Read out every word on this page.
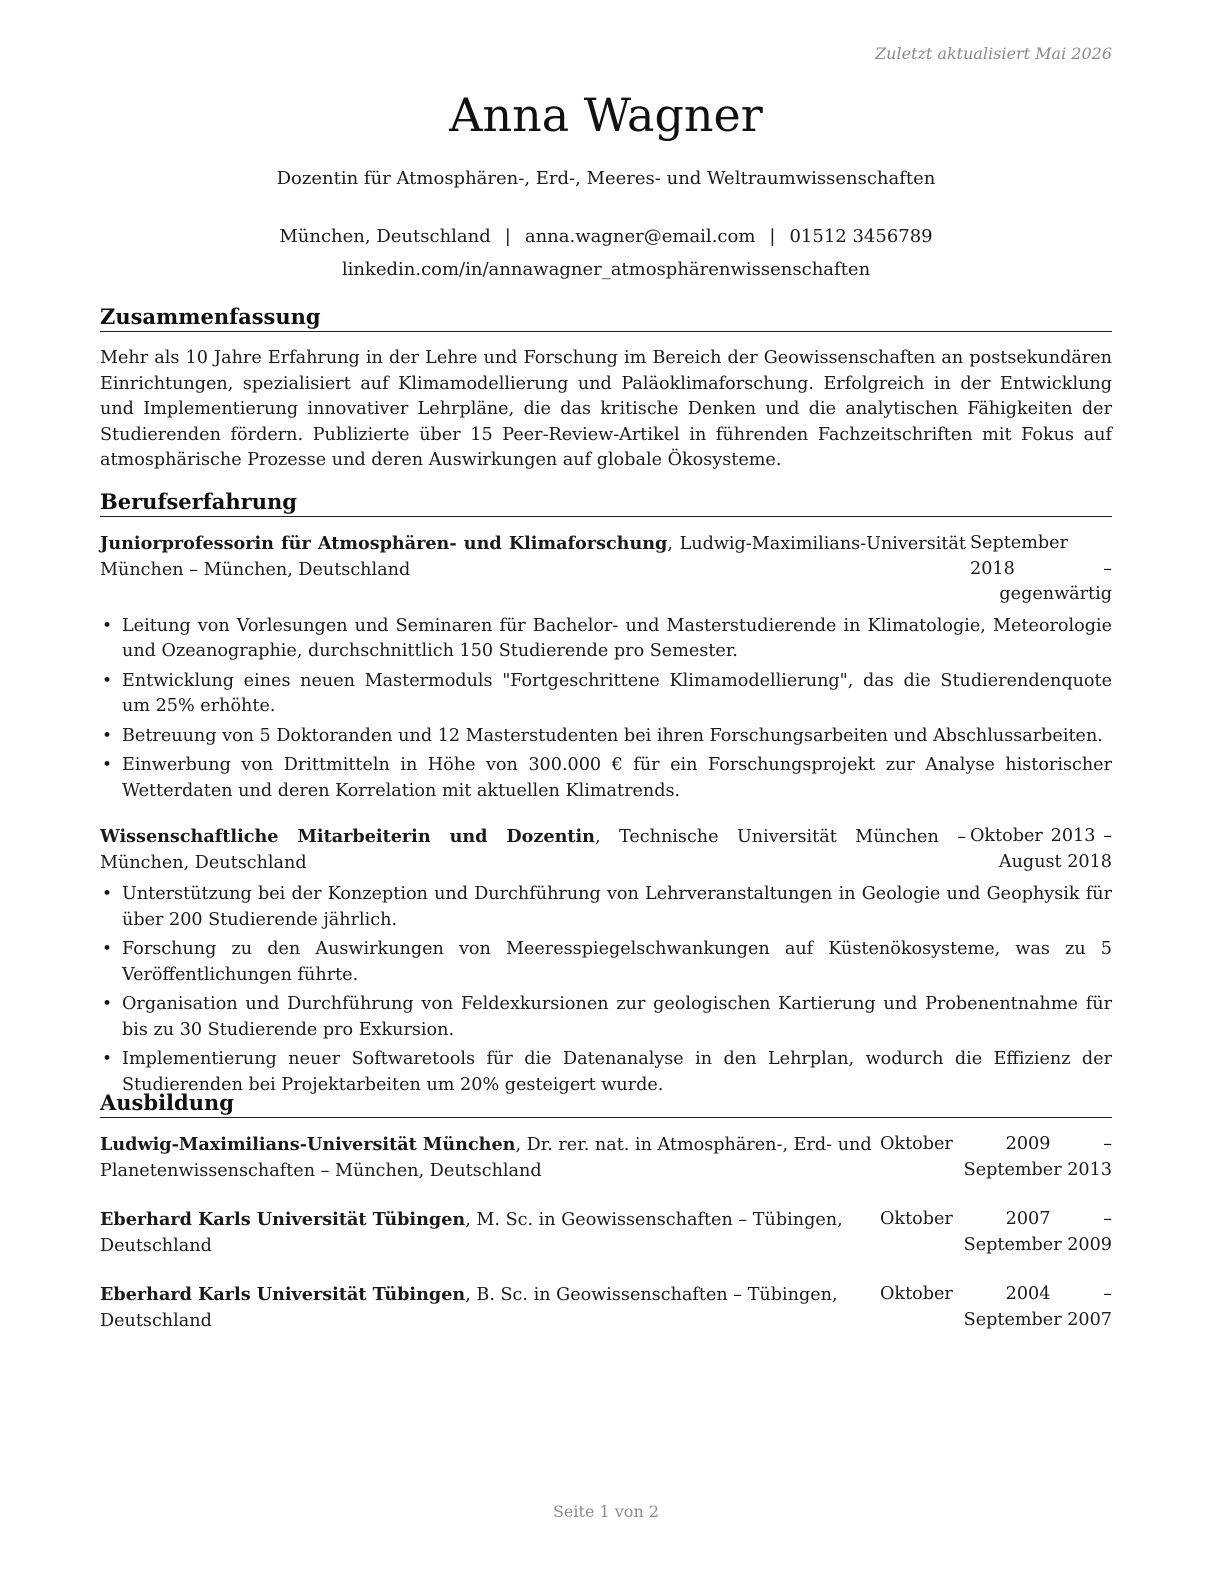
Zuletzt aktualisiert Mai 2026
Anna Wagner
Dozentin für Atmosphären-, Erd-, Meeres- und Weltraumwissenschaften
München, Deutschland | anna.wagner@email.com | 01512 3456789
linkedin.com/in/annawagner_atmosphärenwissenschaften
Zusammenfassung

Mehr als 10 Jahre Erfahrung in der Lehre und Forschung im Bereich der Geowissenschaften an postsekundären Einrichtungen, spezialisiert auf Klimamodellierung und Paläoklimaforschung. Erfolgreich in der Entwicklung und Implementierung innovativer Lehrpläne, die das kritische Denken und die analytischen Fähigkeiten der Studierenden fördern. Publizierte über 15 Peer-Review-Artikel in führenden Fachzeitschriften mit Fokus auf atmosphärische Prozesse und deren Auswirkungen auf globale Ökosysteme.

Berufserfahrung
Juniorprofessorin für Atmosphären- und Klimaforschung, Ludwig-Maximilians-Universität München – München, Deutschland
September 2018 – gegenwärtig
• Leitung von Vorlesungen und Seminaren für Bachelor- und Masterstudierende in Klimatologie, Meteorologie und Ozeanographie, durchschnittlich 150 Studierende pro Semester.
• Entwicklung eines neuen Mastermoduls "Fortgeschrittene Klimamodellierung", das die Studierendenquote um 25% erhöhte.
• Betreuung von 5 Doktoranden und 12 Masterstudenten bei ihren Forschungsarbeiten und Abschlussarbeiten.
• Einwerbung von Drittmitteln in Höhe von 300.000 € für ein Forschungsprojekt zur Analyse historischer Wetterdaten und deren Korrelation mit aktuellen Klimatrends.
Wissenschaftliche Mitarbeiterin und Dozentin, Technische Universität München – München, Deutschland
Oktober 2013 – August 2018
• Unterstützung bei der Konzeption und Durchführung von Lehrveranstaltungen in Geologie und Geophysik für über 200 Studierende jährlich.
• Forschung zu den Auswirkungen von Meeresspiegelschwankungen auf Küstenökosysteme, was zu 5 Veröffentlichungen führte.
• Organisation und Durchführung von Feldexkursionen zur geologischen Kartierung und Probenentnahme für bis zu 30 Studierende pro Exkursion.
• Implementierung neuer Softwaretools für die Datenanalyse in den Lehrplan, wodurch die Effizienz der Studierenden bei Projektarbeiten um 20% gesteigert wurde.
Ausbildung
Ludwig-Maximilians-Universität München, Dr. rer. nat. in Atmosphären-, Erd- und Planetenwissenschaften – München, Deutschland
Oktober 2009 – September 2013
Eberhard Karls Universität Tübingen, M. Sc. in Geowissenschaften – Tübingen, Deutschland
Oktober 2007 – September 2009
Eberhard Karls Universität Tübingen, B. Sc. in Geowissenschaften – Tübingen, Deutschland
Oktober 2004 – September 2007
Seite 1 von 2
